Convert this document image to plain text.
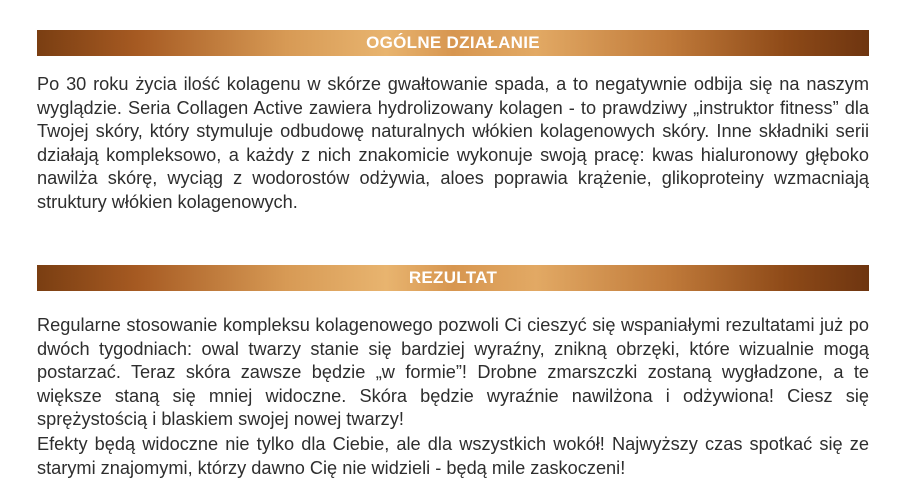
OGÓLNE DZIAŁANIE

Po 30 roku życia ilość kolagenu w skórze gwałtowanie spada, a to negatywnie odbija się na naszym wyglądzie. Seria Collagen Active zawiera hydrolizowany kolagen - to prawdziwy „instruktor fitness” dla Twojej skóry, który stymuluje odbudowę naturalnych włókien kolagenowych skóry. Inne składniki serii działają kompleksowo, a każdy z nich znakomicie wykonuje swoją pracę: kwas hialuronowy głęboko nawilża skórę, wyciąg z wodorostów odżywia, aloes poprawia krążenie, glikoproteiny wzmacniają struktury włókien kolagenowych.

REZULTAT

Regularne stosowanie kompleksu kolagenowego pozwoli Ci cieszyć się wspaniałymi rezultatami już po dwóch tygodniach: owal twarzy stanie się bardziej wyraźny, znikną obrzęki, które wizualnie mogą postarzać. Teraz skóra zawsze będzie „w formie”! Drobne zmarszczki zostaną wygładzone, a te większe staną się mniej widoczne. Skóra będzie wyraźnie nawilżona i odżywiona! Ciesz się sprężystością i blaskiem swojej nowej twarzy!

Efekty będą widoczne nie tylko dla Ciebie, ale dla wszystkich wokół! Najwyższy czas spotkać się ze starymi znajomymi, którzy dawno Cię nie widzieli - będą mile zaskoczeni!
